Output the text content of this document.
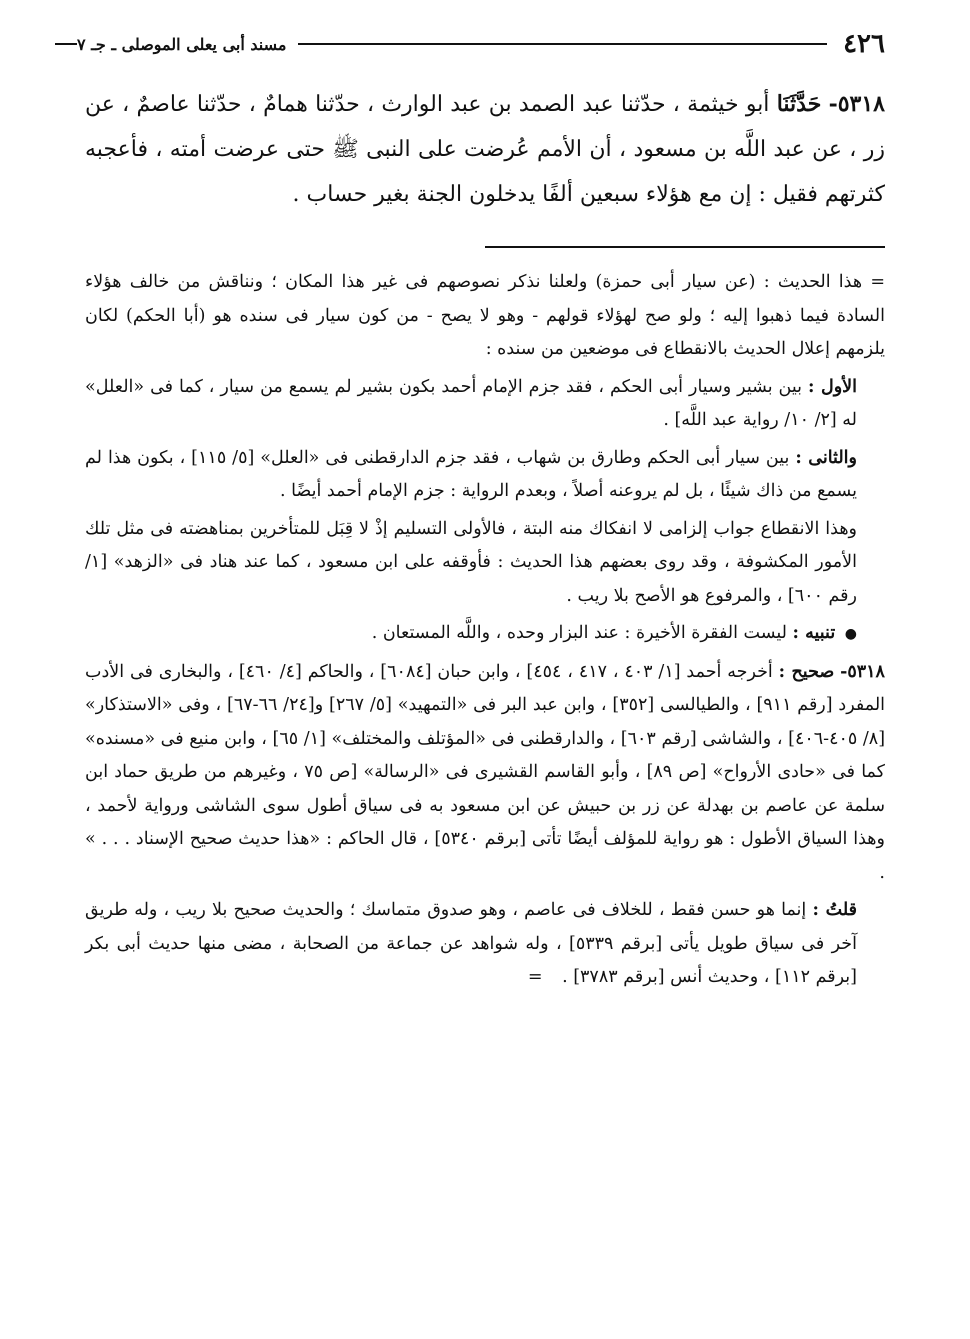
٤٢٦
مسند أبى يعلى الموصلى ـ جـ ٧

٥٣١٨- حَدَّثَنَا أبو خيثمة ، حدّثنا عبد الصمد بن عبد الوارث ، حدّثنا همامٌ ، حدّثنا عاصمٌ ، عن زر ، عن عبد اللَّه بن مسعود ، أن الأمم عُرضت على النبى ﷺ حتى عرضت أمته ، فأعجبه كثرتهم فقيل : إن مع هؤلاء سبعين ألفًا يدخلون الجنة بغير حساب .

= هذا الحديث : (عن سيار أبى حمزة) ولعلنا نذكر نصوصهم فى غير هذا المكان ؛ ونناقش من خالف هؤلاء السادة فيما ذهبوا إليه ؛ ولو صح لهؤلاء قولهم - وهو لا يصح - من كون سيار فى سنده هو (أبا الحكم) لكان يلزمهم إعلال الحديث بالانقطاع فى موضعين من سنده :

الأول : بين بشير وسيار أبى الحكم ، فقد جزم الإمام أحمد بكون بشير لم يسمع من سيار ، كما فى «العلل» له [٢/ ١٠/ رواية عبد اللَّه] .

والثانى : بين سيار أبى الحكم وطارق بن شهاب ، فقد جزم الدارقطنى فى «العلل» [٥/ ١١٥] ، بكون هذا لم يسمع من ذاك شيئًا ، بل لم يروعنه أصلاً ، وبعدم الرواية : جزم الإمام أحمد أيضًا .

وهذا الانقطاع جواب إلزامى لا انفكاك منه البتة ، فالأولى التسليم إذْ لا قِبَل للمتأخرين بمناهضته فى مثل تلك الأمور المكشوفة ، وقد روى بعضهم هذا الحديث : فأوقفه على ابن مسعود ، كما عند هناد فى «الزهد» [١/ رقم ٦٠٠] ، والمرفوع هو الأصح بلا ريب .

● تنبيه : ليست الفقرة الأخيرة : عند البزار وحده ، واللَّه المستعان .

٥٣١٨- صحيح : أخرجه أحمد [١/ ٤٠٣ ، ٤١٧ ، ٤٥٤] ، وابن حبان [٦٠٨٤] ، والحاكم [٤/ ٤٦٠] ، والبخارى فى الأدب المفرد [رقم ٩١١] ، والطيالسى [٣٥٢] ، وابن عبد البر فى «التمهيد» [٥/ ٢٦٧] و[٢٤/ ٦٦-٦٧] ، وفى «الاستذكار» [٨/ ٤٠٥-٤٠٦] ، والشاشى [رقم ٦٠٣] ، والدارقطنى فى «المؤتلف والمختلف» [١/ ٦٥] ، وابن منيع فى «مسنده» كما فى «حادى الأرواح» [ص ٨٩] ، وأبو القاسم القشيرى فى «الرسالة» [ص ٧٥ ، وغيرهم من طريق حماد ابن سلمة عن عاصم بن بهدلة عن زر بن حبيش عن ابن مسعود به فى سياق أطول سوى الشاشى ورواية لأحمد ، وهذا السياق الأطول : هو رواية للمؤلف أيضًا تأتى [برقم ٥٣٤٠] ، قال الحاكم : «هذا حديث صحيح الإسناد . . . » .

قلتُ : إنما هو حسن فقط ، للخلاف فى عاصم ، وهو صدوق متماسك ؛ والحديث صحيح بلا ريب ، وله طريق آخر فى سياق طويل يأتى [برقم ٥٣٣٩] ، وله شواهد عن جماعة من الصحابة ، مضى منها حديث أبى بكر [برقم ١١٢] ، وحديث أنس [برقم ٣٧٨٣] . =
